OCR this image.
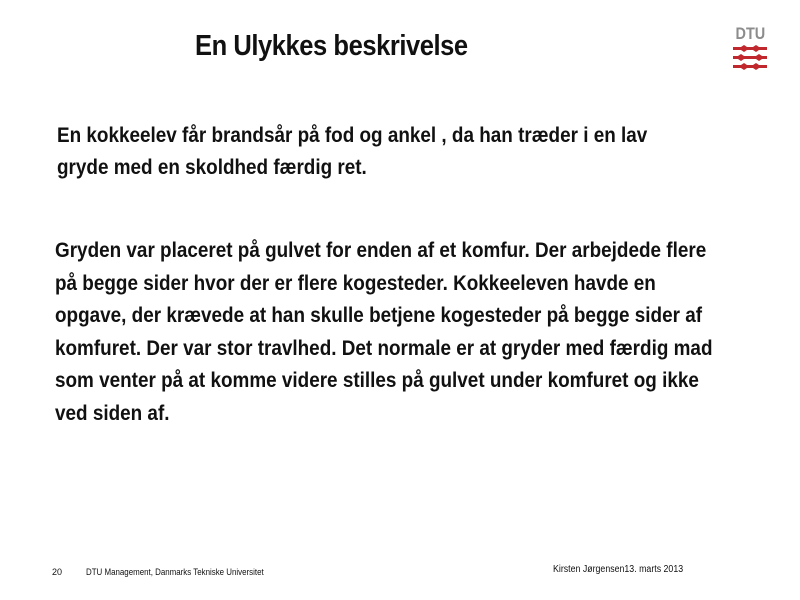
En Ulykkes beskrivelse	DTU
En kokkeelev får brandsår på fod og ankel , da han træder i en lav gryde med en skoldhed færdig ret.
Gryden var placeret på gulvet for enden af et komfur. Der arbejdede flere på begge sider hvor der er flere kogesteder. Kokkeeleven havde en opgave, der krævede at han skulle betjene kogesteder på begge sider af komfuret. Der var stor travlhed. Det normale er at gryder med færdig mad som venter på at komme videre stilles på gulvet under komfuret og ikke ved siden af.
20	DTU Management, Danmarks Tekniske Universitet	Kirsten Jørgensen13. marts 2013
